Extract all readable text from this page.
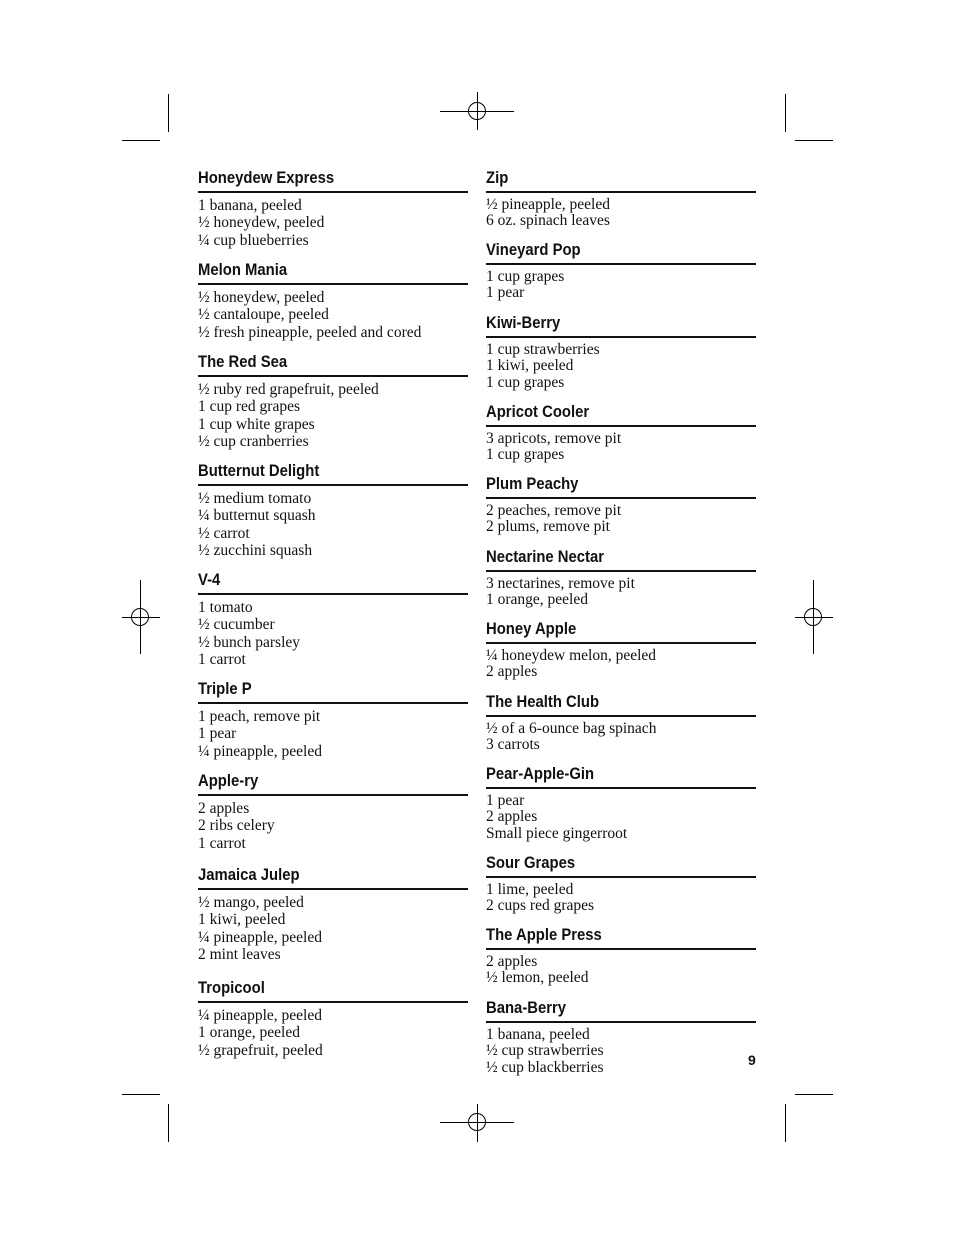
Honeydew Express
1 banana, peeled
½ honeydew, peeled
¼ cup blueberries
Melon Mania
½ honeydew, peeled
½ cantaloupe, peeled
½ fresh pineapple, peeled and cored
The Red Sea
½ ruby red grapefruit, peeled
1 cup red grapes
1 cup white grapes
½ cup cranberries
Butternut Delight
½ medium tomato
¼ butternut squash
½ carrot
½ zucchini squash
V-4
1 tomato
½ cucumber
½ bunch parsley
1 carrot
Triple P
1 peach, remove pit
1 pear
¼ pineapple, peeled
Apple-ry
2 apples
2 ribs celery
1 carrot
Jamaica Julep
½ mango, peeled
1 kiwi, peeled
¼ pineapple, peeled
2 mint leaves
Tropicool
¼ pineapple, peeled
1 orange, peeled
½ grapefruit, peeled
Zip
½ pineapple, peeled
6 oz. spinach leaves
Vineyard Pop
1 cup grapes
1 pear
Kiwi-Berry
1 cup strawberries
1 kiwi, peeled
1 cup grapes
Apricot Cooler
3 apricots, remove pit
1 cup grapes
Plum Peachy
2 peaches, remove pit
2 plums, remove pit
Nectarine Nectar
3 nectarines, remove pit
1 orange, peeled
Honey Apple
¼ honeydew melon, peeled
2 apples
The Health Club
½ of a 6-ounce bag spinach
3 carrots
Pear-Apple-Gin
1 pear
2 apples
Small piece gingerroot
Sour Grapes
1 lime, peeled
2 cups red grapes
The Apple Press
2 apples
½ lemon, peeled
Bana-Berry
1 banana, peeled
½ cup strawberries
½ cup blackberries	9
